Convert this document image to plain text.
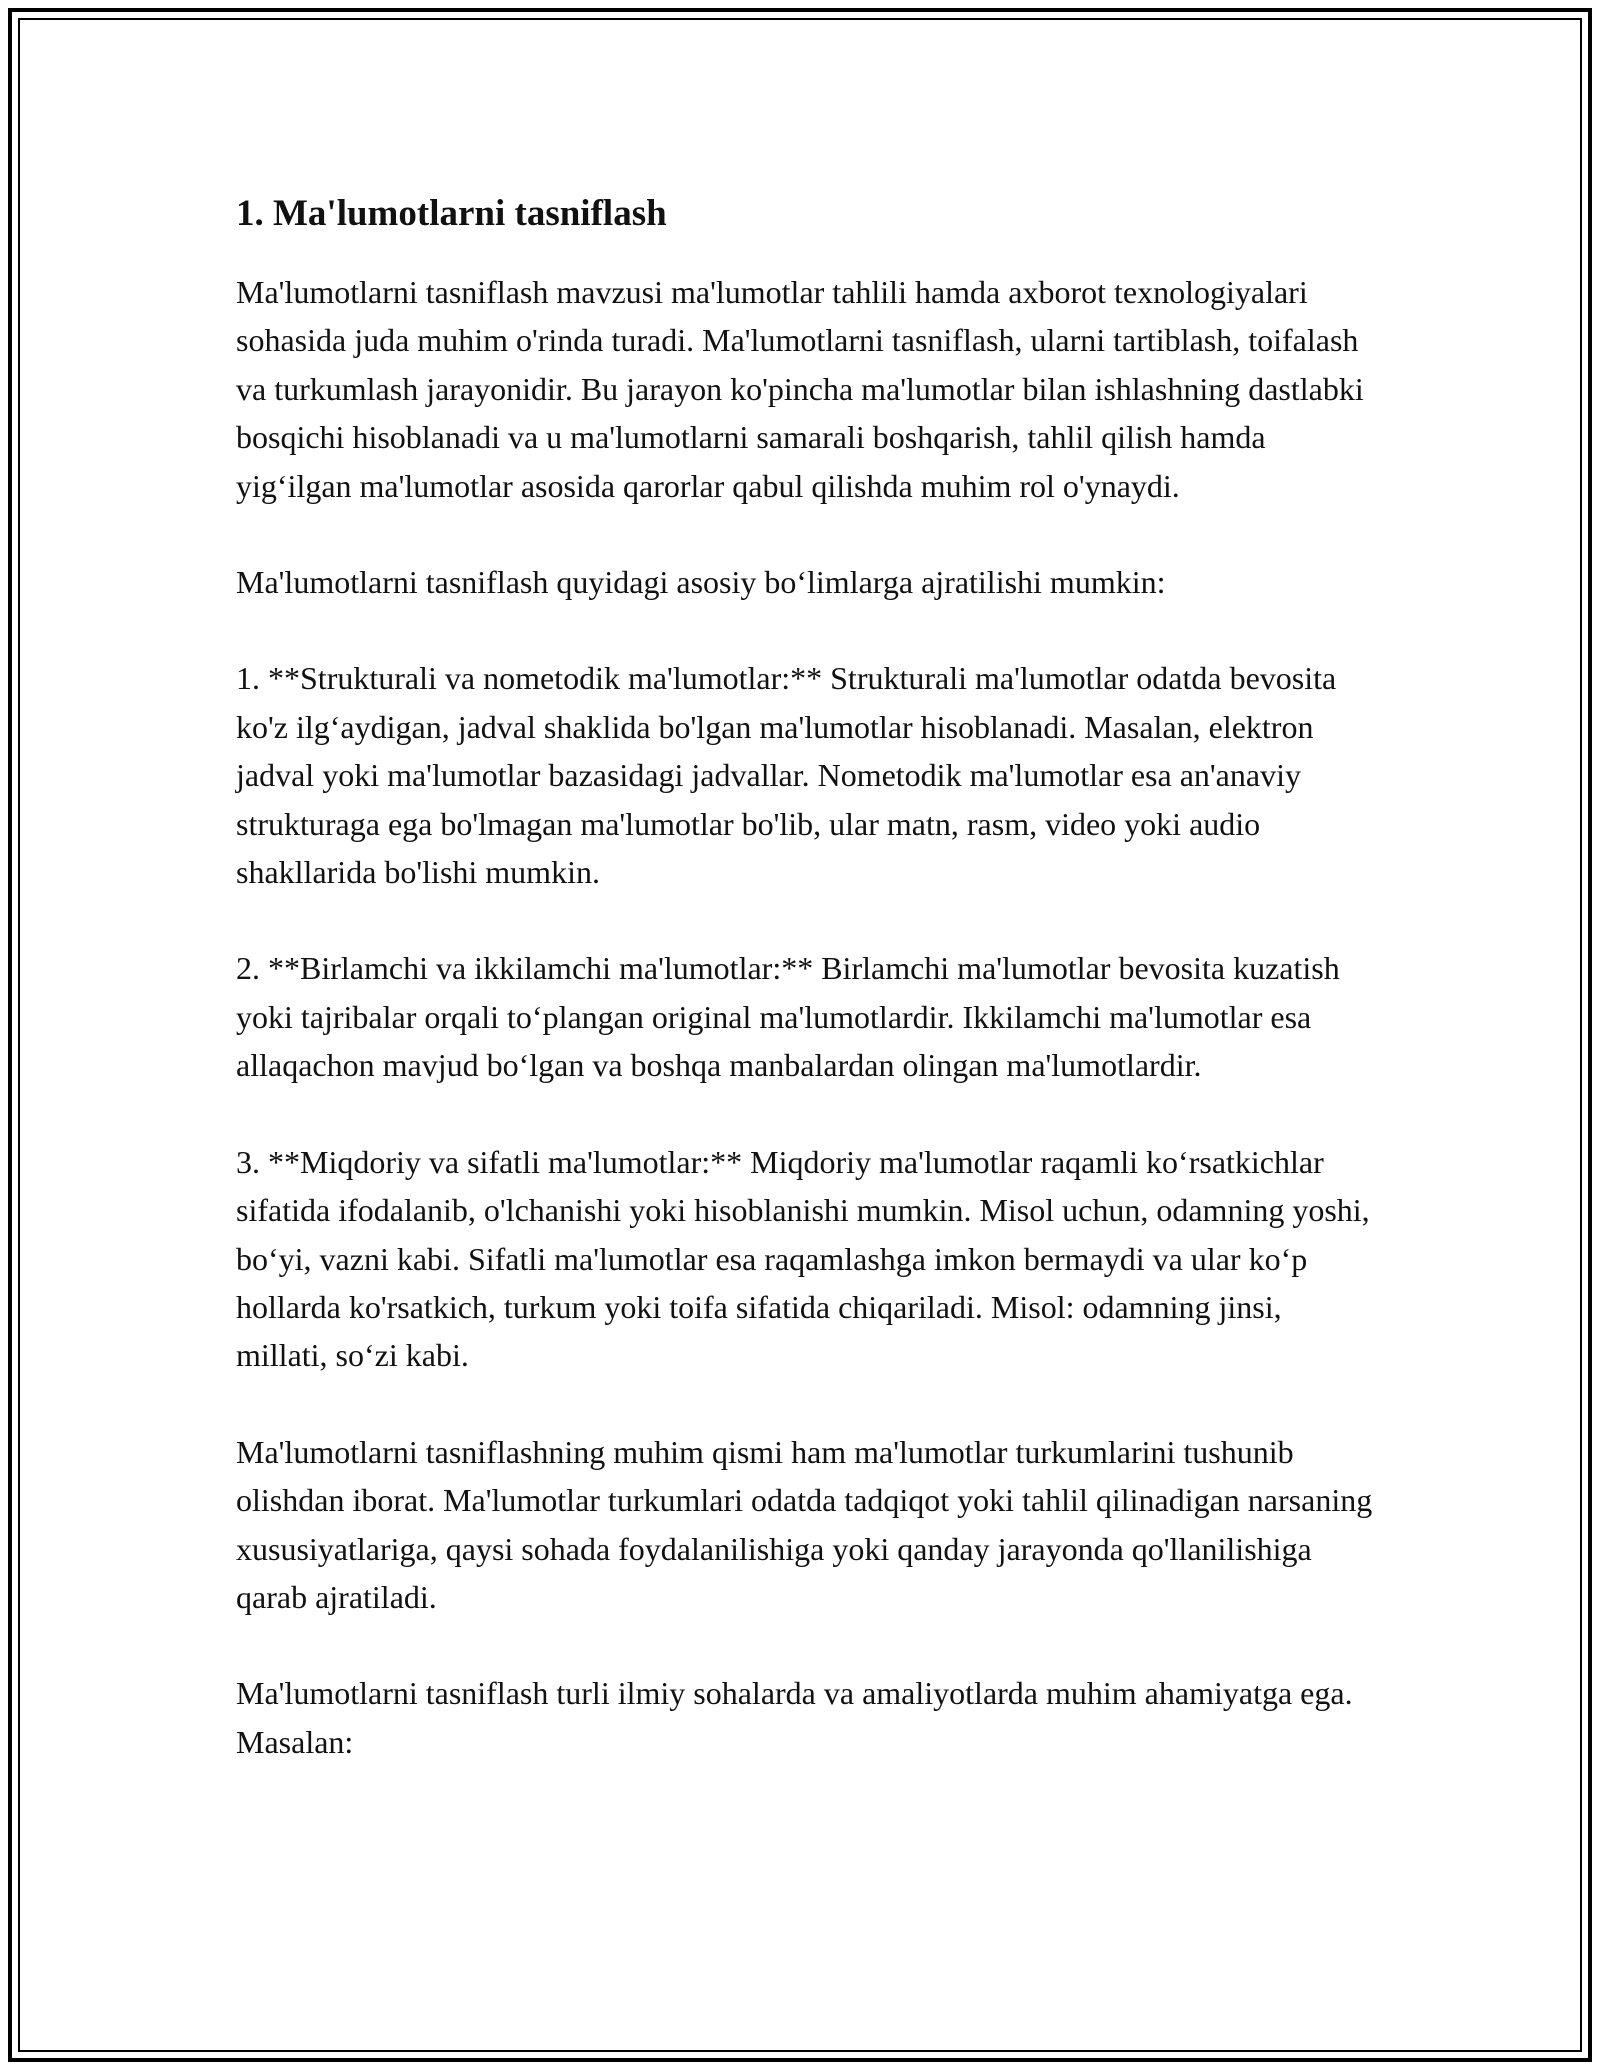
1. Ma'lumotlarni tasniflash

Ma'lumotlarni tasniflash mavzusi ma'lumotlar tahlili hamda axborot texnologiyalari sohasida juda muhim o'rinda turadi. Ma'lumotlarni tasniflash, ularni tartiblash, toifalash va turkumlash jarayonidir. Bu jarayon ko'pincha ma'lumotlar bilan ishlashning dastlabki bosqichi hisoblanadi va u ma'lumotlarni samarali boshqarish, tahlil qilish hamda yig‘ilgan ma'lumotlar asosida qarorlar qabul qilishda muhim rol o'ynaydi.

Ma'lumotlarni tasniflash quyidagi asosiy bo‘limlarga ajratilishi mumkin:

1. **Strukturali va nometodik ma'lumotlar:** Strukturali ma'lumotlar odatda bevosita ko'z ilg‘aydigan, jadval shaklida bo'lgan ma'lumotlar hisoblanadi. Masalan, elektron jadval yoki ma'lumotlar bazasidagi jadvallar. Nometodik ma'lumotlar esa an'anaviy strukturaga ega bo'lmagan ma'lumotlar bo'lib, ular matn, rasm, video yoki audio shakllarida bo'lishi mumkin.

2. **Birlamchi va ikkilamchi ma'lumotlar:** Birlamchi ma'lumotlar bevosita kuzatish yoki tajribalar orqali to‘plangan original ma'lumotlardir. Ikkilamchi ma'lumotlar esa allaqachon mavjud bo‘lgan va boshqa manbalardan olingan ma'lumotlardir.

3. **Miqdoriy va sifatli ma'lumotlar:** Miqdoriy ma'lumotlar raqamli ko‘rsatkichlar sifatida ifodalanib, o'lchanishi yoki hisoblanishi mumkin. Misol uchun, odamning yoshi, bo‘yi, vazni kabi. Sifatli ma'lumotlar esa raqamlashga imkon bermaydi va ular ko‘p hollarda ko'rsatkich, turkum yoki toifa sifatida chiqariladi. Misol: odamning jinsi, millati, so‘zi kabi.

Ma'lumotlarni tasniflashning muhim qismi ham ma'lumotlar turkumlarini tushunib olishdan iborat. Ma'lumotlar turkumlari odatda tadqiqot yoki tahlil qilinadigan narsaning xususiyatlariga, qaysi sohada foydalanilishiga yoki qanday jarayonda qo'llanilishiga qarab ajratiladi.

Ma'lumotlarni tasniflash turli ilmiy sohalarda va amaliyotlarda muhim ahamiyatga ega. Masalan:
